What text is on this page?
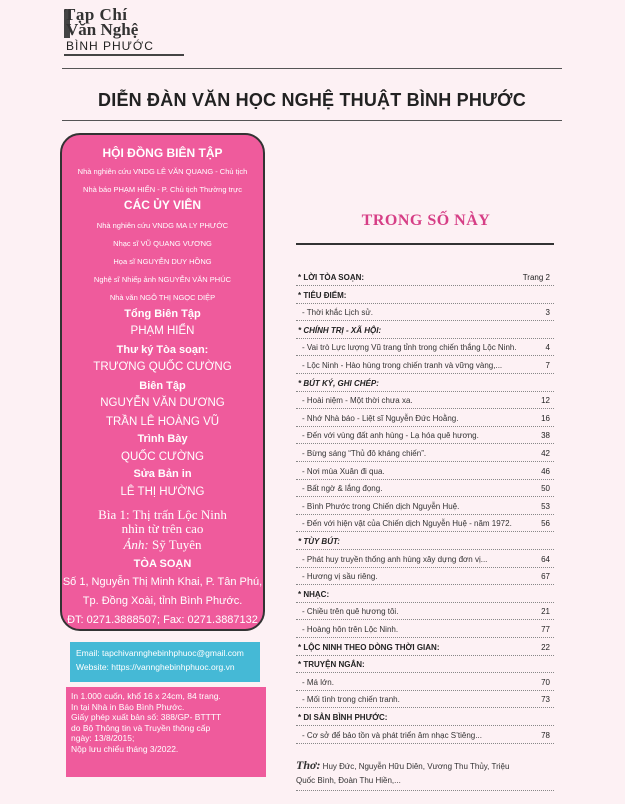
Tạp Chí
Văn Nghệ
BÌNH PHƯỚC
DIỄN ĐÀN VĂN HỌC NGHỆ THUẬT BÌNH PHƯỚC
HỘI ĐỒNG BIÊN TẬP
Nhà nghiên cứu VNDG LÊ VĂN QUANG - Chủ tịch
Nhà báo PHẠM HIỂN - P. Chủ tịch Thường trực
CÁC ỦY VIÊN
Nhà nghiên cứu VNDG MA LY PHƯỚC
Nhạc sĩ VŨ QUANG VƯƠNG
Họa sĩ NGUYỄN DUY HỒNG
Nghệ sĩ Nhiếp ảnh NGUYỄN VĂN PHÚC
Nhà văn NGÔ THỊ NGỌC DIỆP
Tổng Biên Tập
PHẠM HIỂN
Thư ký Tòa soạn:
TRƯƠNG QUỐC CƯỜNG
Biên Tập
NGUYỄN VĂN DƯƠNG
TRẦN LÊ HOÀNG VŨ
Trình Bày
QUỐC CƯỜNG
Sửa Bản in
LÊ THỊ HƯỜNG
Bìa 1: Thị trấn Lộc Ninh
nhìn từ trên cao
Ảnh: Sỹ Tuyên
TÒA SOẠN
Số 1, Nguyễn Thị Minh Khai, P. Tân Phú,
Tp. Đồng Xoài, tỉnh Bình Phước.
ĐT: 0271.3888507; Fax: 0271.3887132
Email: tapchivannghebinhphuoc@gmail.com
Website: https://vannghebinhphuoc.org.vn
In 1.000 cuốn, khổ 16 x 24cm, 84 trang.
In tại Nhà in Báo Bình Phước.
Giấy phép xuất bản số: 388/GP- BTTTT
do Bộ Thông tin và Truyền thông cấp
ngày: 13/8/2015;
Nộp lưu chiểu tháng 3/2022.
TRONG SỐ NÀY
* LỜI TÒA SOẠN:	Trang 2
* TIÊU ĐIỂM:
- Thời khắc Lịch sử.	3
* CHÍNH TRỊ - XÃ HỘI:
- Vai trò Lực lượng Vũ trang tỉnh trong chiến thắng Lộc Ninh.	4
- Lộc Ninh - Hào hùng trong chiến tranh và vững vàng,...	7
* BÚT KÝ, GHI CHÉP:
- Hoài niệm - Một thời chưa xa.	12
- Nhớ Nhà báo - Liệt sĩ Nguyễn Đức Hoằng.	16
- Đến với vùng đất anh hùng - Lạ hóa quê hương.	38
- Bừng sáng “Thủ đô kháng chiến”.	42
- Nơi mùa Xuân đi qua.	46
- Bất ngờ & lắng đọng.	50
- Bình Phước trong Chiến dịch Nguyễn Huệ.	53
- Đến với hiện vật của Chiến dịch Nguyễn Huệ - năm 1972.	56
* TÙY BÚT:
- Phát huy truyền thống anh hùng xây dựng đơn vị...	64
- Hương vị sầu riêng.	67
* NHẠC:
- Chiều trên quê hương tôi.	21
- Hoàng hôn trên Lộc Ninh.	77
* LỘC NINH THEO DÒNG THỜI GIAN:	22
* TRUYỆN NGẮN:
- Má lớn.	70
- Mối tình trong chiến tranh.	73
* DI SẢN BÌNH PHƯỚC:
- Cơ sở để bảo tồn và phát triển âm nhạc S’tiêng...	78
Thơ: Huy Đức, Nguyễn Hữu Diên, Vương Thu Thủy, Triệu
Quốc Bình, Đoàn Thu Hiền,...
